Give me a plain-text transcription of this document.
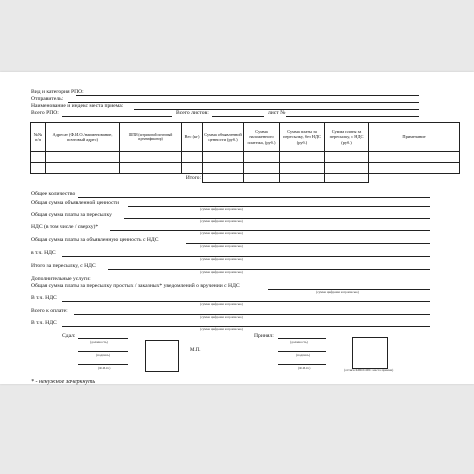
Вид и категория РПО:
Отправитель:
Наименование и индекс места приема:
Всего РПО:	Всего листов:	лист №
№№ п/п	Адресат (Ф.И.О./наименование, почтовый адрес)	ШПИ (штриховой почтовый идентификатор)	Вес (кг)	Сумма объявленной ценности (руб.)	Сумма наложенного платежа, (руб.)	Сумма платы за пересылку, без НДС (руб.)	Сумма платы за пересылку, с НДС (руб.)	Примечание

Итого:								
Общее количество
Общая сумма объявленной ценности
(сумма цифрами и прописью)
Общая сумма платы за пересылку
(сумма цифрами и прописью)
НДС (в том числе / сверху)*
(сумма цифрами и прописью)
Общая сумма платы за объявленную ценность с НДС
(сумма цифрами и прописью)
в т.ч. НДС
(сумма цифрами и прописью)
Итого за пересылку, с НДС
(сумма цифрами и прописью)
Дополнительные услуги:
Общая сумма платы за пересылку простых / заказных* уведомлений о вручении с НДС
(сумма цифрами и прописью)
В т.ч. НДС
(сумма цифрами и прописью)
Всего к оплате:
(сумма цифрами и прописью)
В т.ч. НДС
(сумма цифрами и прописью)
Сдал:
(должность)
(подпись)
(Ф.И.О.)
М.П.
Принял:
(должность)
(подпись)
(Ф.И.О.)	(оттиск КПШ ОПС места приема)
* - ненужное зачеркнуть
